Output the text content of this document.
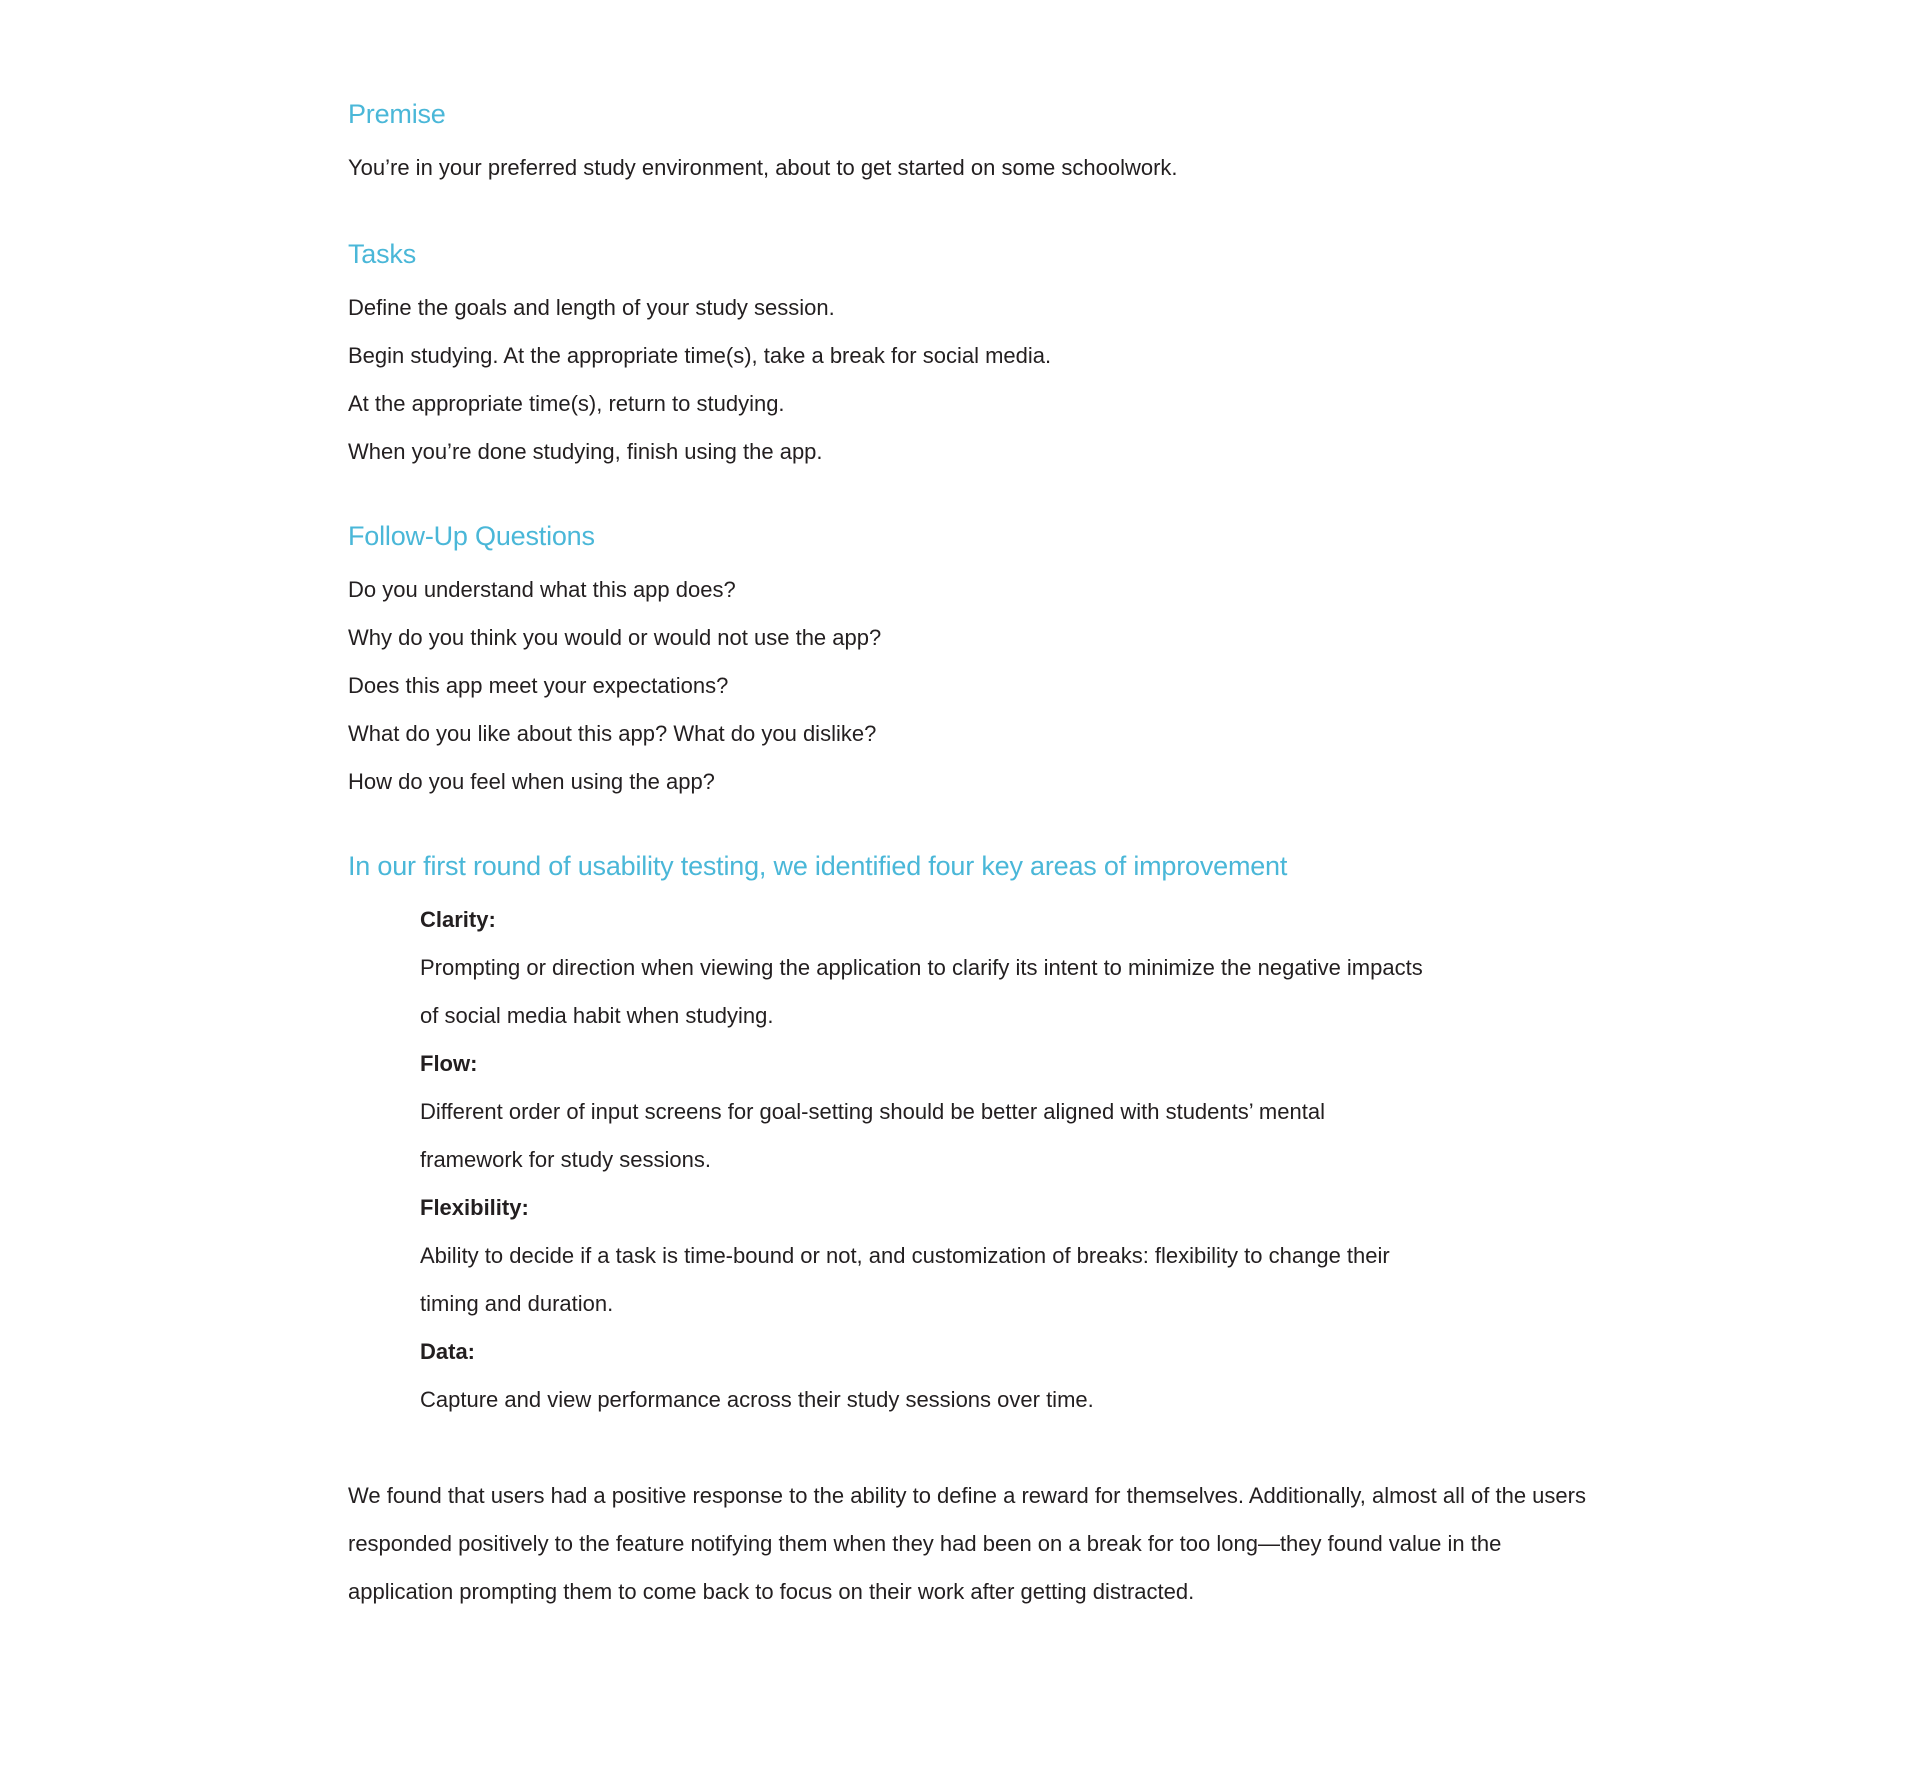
Premise

You’re in your preferred study environment, about to get started on some schoolwork.

Tasks

Define the goals and length of your study session.

Begin studying. At the appropriate time(s), take a break for social media.

At the appropriate time(s), return to studying.

When you’re done studying, finish using the app.

Follow-Up Questions

Do you understand what this app does?

Why do you think you would or would not use the app?

Does this app meet your expectations?

What do you like about this app? What do you dislike?

How do you feel when using the app?

In our first round of usability testing, we identified four key areas of improvement

Clarity:

Prompting or direction when viewing the application to clarify its intent to minimize the negative impacts of social media habit when studying.

Flow:

Different order of input screens for goal-setting should be better aligned with students’ mental framework for study sessions.

Flexibility:

Ability to decide if a task is time-bound or not, and customization of breaks: flexibility to change their timing and duration.

Data:

Capture and view performance across their study sessions over time.

We found that users had a positive response to the ability to define a reward for themselves. Additionally, almost all of the users responded positively to the feature notifying them when they had been on a break for too long—they found value in the application prompting them to come back to focus on their work after getting distracted.
